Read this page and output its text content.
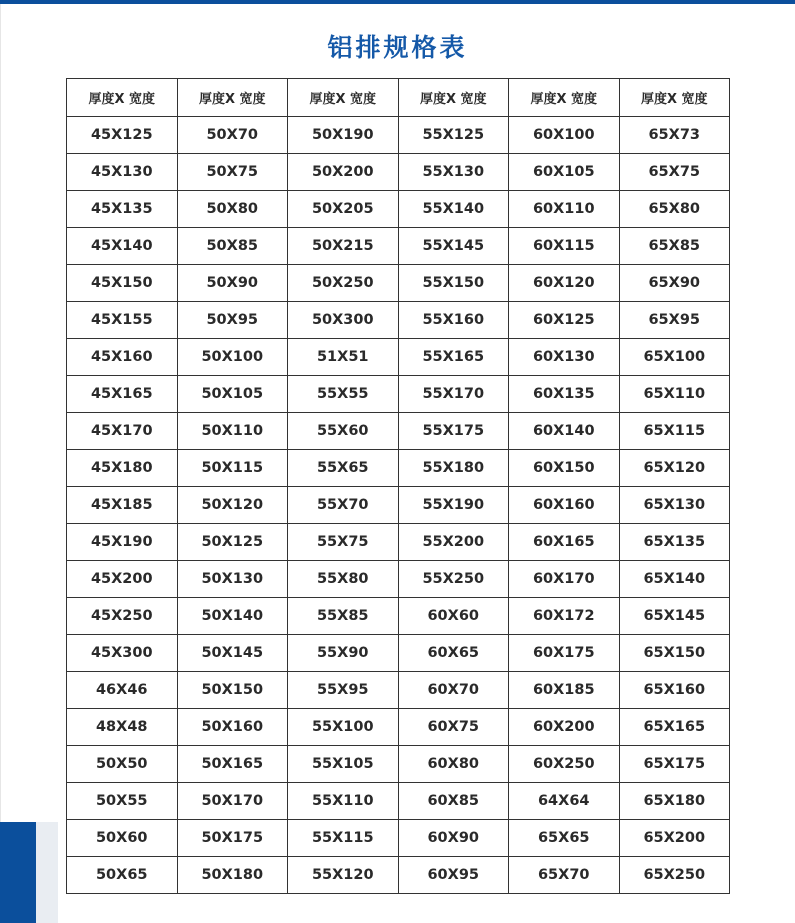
铝排规格表
厚度X 宽度	厚度X 宽度	厚度X 宽度	厚度X 宽度	厚度X 宽度	厚度X 宽度
45X125	50X70	50X190	55X125	60X100	65X73
45X130	50X75	50X200	55X130	60X105	65X75
45X135	50X80	50X205	55X140	60X110	65X80
45X140	50X85	50X215	55X145	60X115	65X85
45X150	50X90	50X250	55X150	60X120	65X90
45X155	50X95	50X300	55X160	60X125	65X95
45X160	50X100	51X51	55X165	60X130	65X100
45X165	50X105	55X55	55X170	60X135	65X110
45X170	50X110	55X60	55X175	60X140	65X115
45X180	50X115	55X65	55X180	60X150	65X120
45X185	50X120	55X70	55X190	60X160	65X130
45X190	50X125	55X75	55X200	60X165	65X135
45X200	50X130	55X80	55X250	60X170	65X140
45X250	50X140	55X85	60X60	60X172	65X145
45X300	50X145	55X90	60X65	60X175	65X150
46X46	50X150	55X95	60X70	60X185	65X160
48X48	50X160	55X100	60X75	60X200	65X165
50X50	50X165	55X105	60X80	60X250	65X175
50X55	50X170	55X110	60X85	64X64	65X180
50X60	50X175	55X115	60X90	65X65	65X200
50X65	50X180	55X120	60X95	65X70	65X250
